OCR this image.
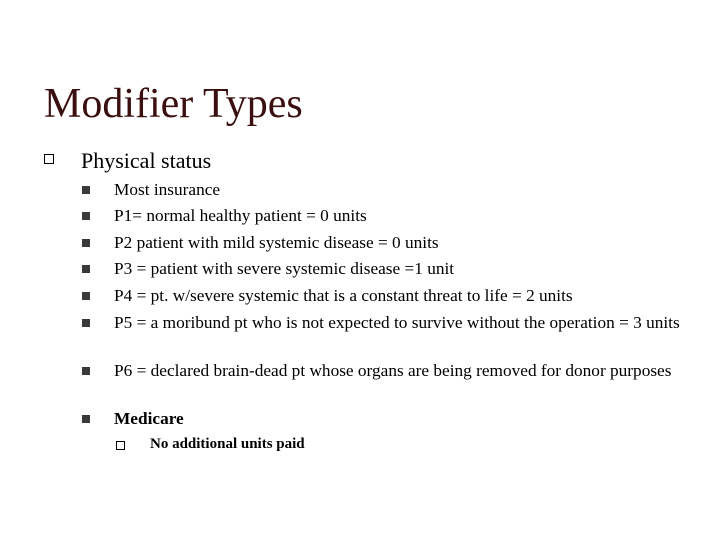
Modifier Types
Physical status
Most insurance
P1= normal healthy patient = 0 units
P2 patient with mild systemic disease = 0 units
P3 = patient with severe systemic disease =1 unit
P4 = pt. w/severe systemic that is a constant threat to life = 2 units
P5 = a moribund pt who is not expected to survive without the operation = 3 units
P6 = declared brain-dead pt whose organs are being removed for donor purposes
Medicare
No additional units paid
